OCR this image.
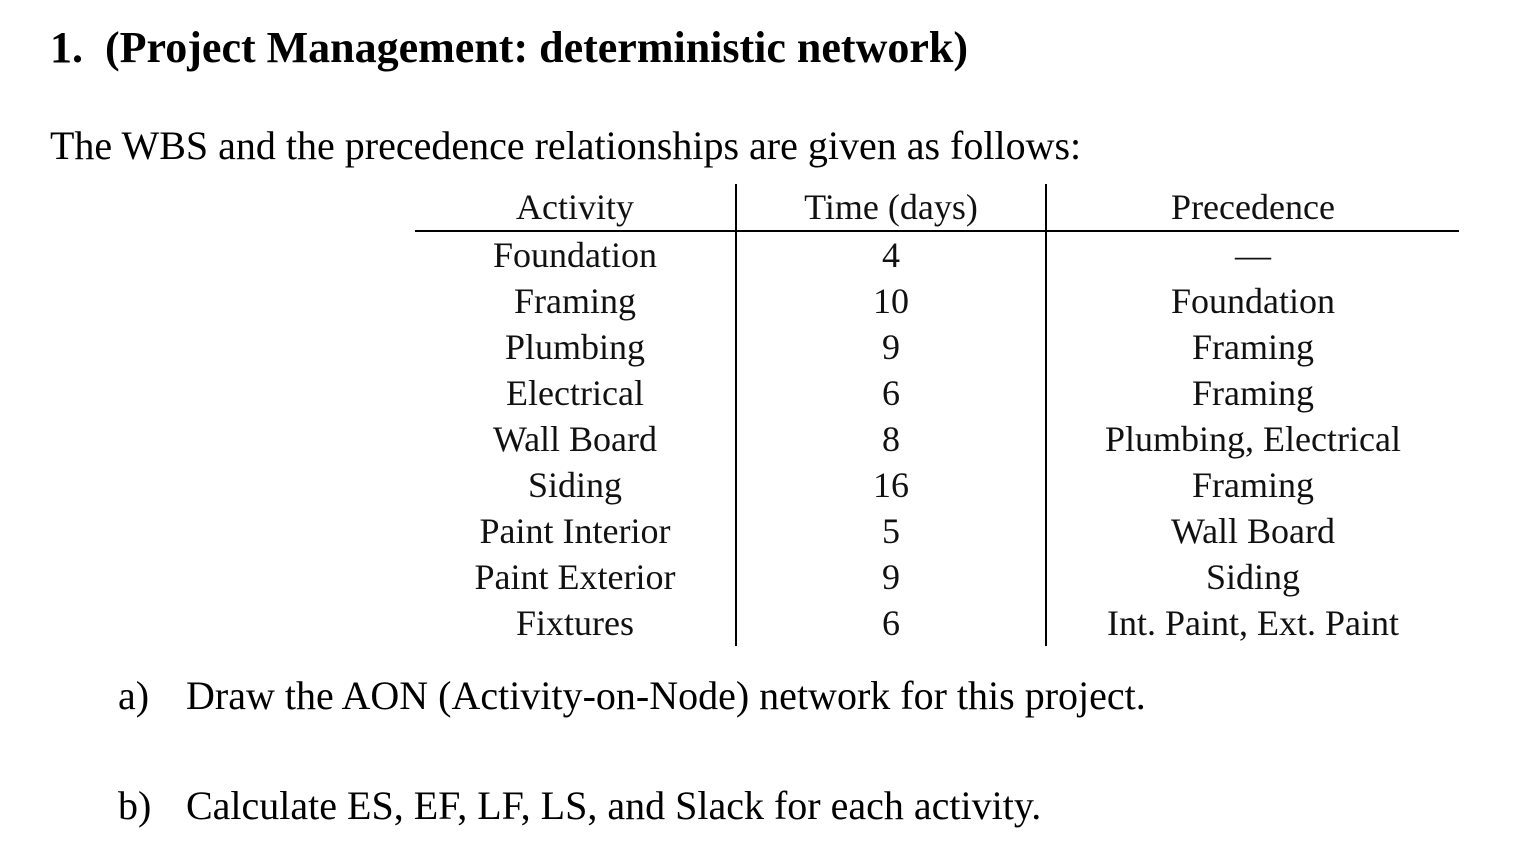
1. (Project Management: deterministic network)
The WBS and the precedence relationships are given as follows:
Activity	Time (days)	Precedence
Foundation	4	—
Framing	10	Foundation
Plumbing	9	Framing
Electrical	6	Framing
Wall Board	8	Plumbing, Electrical
Siding	16	Framing
Paint Interior	5	Wall Board
Paint Exterior	9	Siding
Fixtures	6	Int. Paint, Ext. Paint
a) Draw the AON (Activity-on-Node) network for this project.
b) Calculate ES, EF, LF, LS, and Slack for each activity.
